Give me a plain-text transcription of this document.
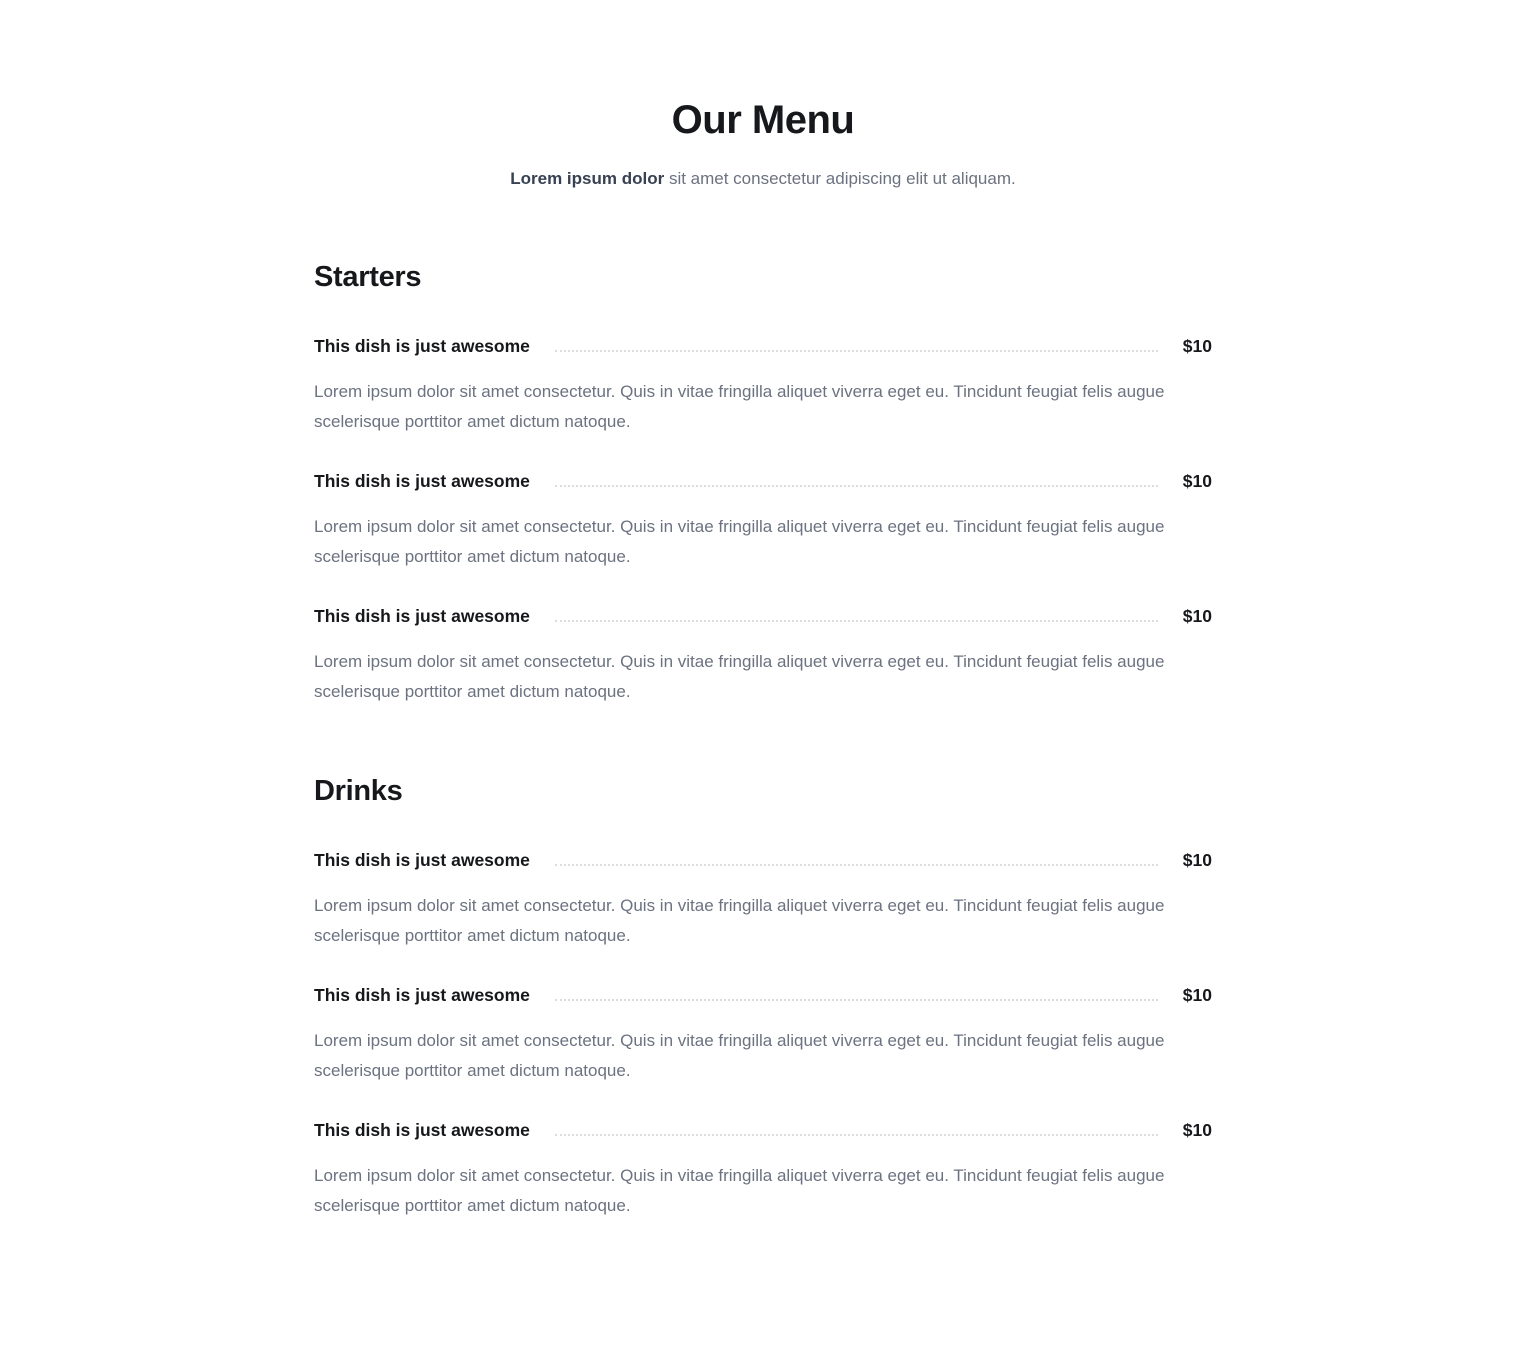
Our Menu

Lorem ipsum dolor sit amet consectetur adipiscing elit ut aliquam.

Starters
This dish is just awesome	$10

Lorem ipsum dolor sit amet consectetur. Quis in vitae fringilla aliquet viverra eget eu. Tincidunt feugiat felis augue scelerisque porttitor amet dictum natoque.

This dish is just awesome	$10

Lorem ipsum dolor sit amet consectetur. Quis in vitae fringilla aliquet viverra eget eu. Tincidunt feugiat felis augue scelerisque porttitor amet dictum natoque.

This dish is just awesome	$10

Lorem ipsum dolor sit amet consectetur. Quis in vitae fringilla aliquet viverra eget eu. Tincidunt feugiat felis augue scelerisque porttitor amet dictum natoque.

Drinks
This dish is just awesome	$10

Lorem ipsum dolor sit amet consectetur. Quis in vitae fringilla aliquet viverra eget eu. Tincidunt feugiat felis augue scelerisque porttitor amet dictum natoque.

This dish is just awesome	$10

Lorem ipsum dolor sit amet consectetur. Quis in vitae fringilla aliquet viverra eget eu. Tincidunt feugiat felis augue scelerisque porttitor amet dictum natoque.

This dish is just awesome	$10

Lorem ipsum dolor sit amet consectetur. Quis in vitae fringilla aliquet viverra eget eu. Tincidunt feugiat felis augue scelerisque porttitor amet dictum natoque.
